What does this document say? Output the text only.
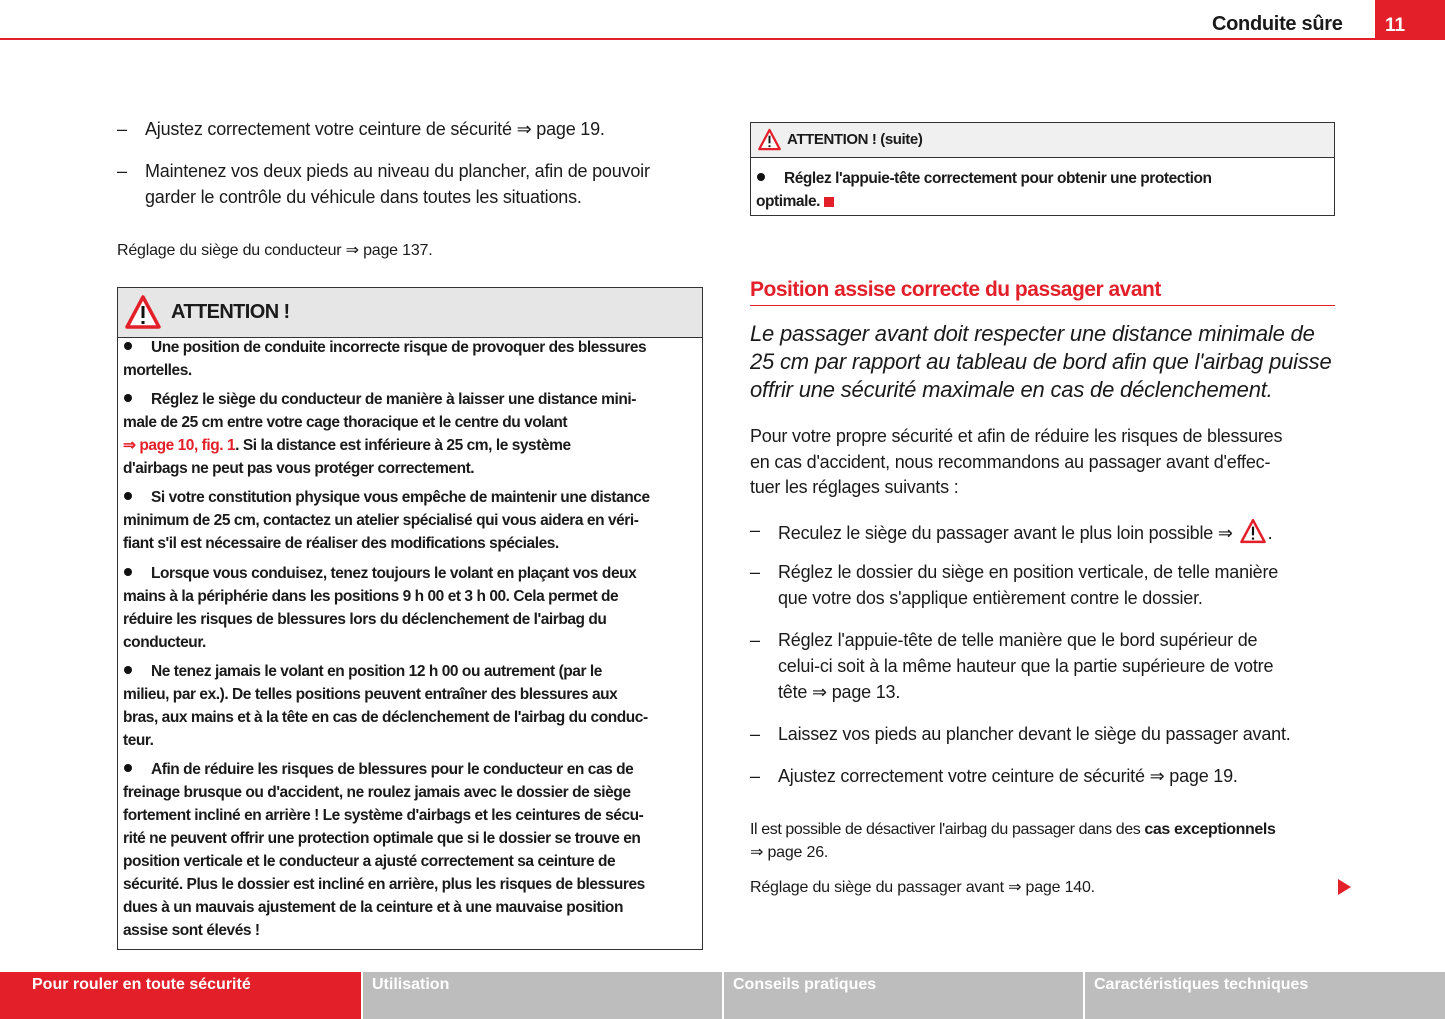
Conduite sûre	11
– Ajustez correctement votre ceinture de sécurité ⇒ page 19.
– Maintenez vos deux pieds au niveau du plancher, afin de pouvoir
garder le contrôle du véhicule dans toutes les situations.
Réglage du siège du conducteur ⇒ page 137.
ATTENTION !
Une position de conduite incorrecte risque de provoquer des blessures
mortelles.
Réglez le siège du conducteur de manière à laisser une distance mini-
male de 25 cm entre votre cage thoracique et le centre du volant
⇒ page 10, fig. 1. Si la distance est inférieure à 25 cm, le système
d'airbags ne peut pas vous protéger correctement.
Si votre constitution physique vous empêche de maintenir une distance
minimum de 25 cm, contactez un atelier spécialisé qui vous aidera en véri-
fiant s'il est nécessaire de réaliser des modifications spéciales.
Lorsque vous conduisez, tenez toujours le volant en plaçant vos deux
mains à la périphérie dans les positions 9 h 00 et 3 h 00. Cela permet de
réduire les risques de blessures lors du déclenchement de l'airbag du
conducteur.
Ne tenez jamais le volant en position 12 h 00 ou autrement (par le
milieu, par ex.). De telles positions peuvent entraîner des blessures aux
bras, aux mains et à la tête en cas de déclenchement de l'airbag du conduc-
teur.
Afin de réduire les risques de blessures pour le conducteur en cas de
freinage brusque ou d'accident, ne roulez jamais avec le dossier de siège
fortement incliné en arrière ! Le système d'airbags et les ceintures de sécu-
rité ne peuvent offrir une protection optimale que si le dossier se trouve en
position verticale et le conducteur a ajusté correctement sa ceinture de
sécurité. Plus le dossier est incliné en arrière, plus les risques de blessures
dues à un mauvais ajustement de la ceinture et à une mauvaise position
assise sont élevés !
ATTENTION ! (suite)
Réglez l'appuie-tête correctement pour obtenir une protection
optimale.
Position assise correcte du passager avant
Le passager avant doit respecter une distance minimale de
25 cm par rapport au tableau de bord afin que l'airbag puisse
offrir une sécurité maximale en cas de déclenchement.
Pour votre propre sécurité et afin de réduire les risques de blessures
en cas d'accident, nous recommandons au passager avant d'effec-
tuer les réglages suivants :
– Reculez le siège du passager avant le plus loin possible ⇒ .
– Réglez le dossier du siège en position verticale, de telle manière
que votre dos s'applique entièrement contre le dossier.
– Réglez l'appuie-tête de telle manière que le bord supérieur de
celui-ci soit à la même hauteur que la partie supérieure de votre
tête ⇒ page 13.
– Laissez vos pieds au plancher devant le siège du passager avant.
– Ajustez correctement votre ceinture de sécurité ⇒ page 19.
Il est possible de désactiver l'airbag du passager dans des cas exceptionnels
⇒ page 26.
Réglage du siège du passager avant ⇒ page 140.
Pour rouler en toute sécurité	Utilisation	Conseils pratiques	Caractéristiques techniques
